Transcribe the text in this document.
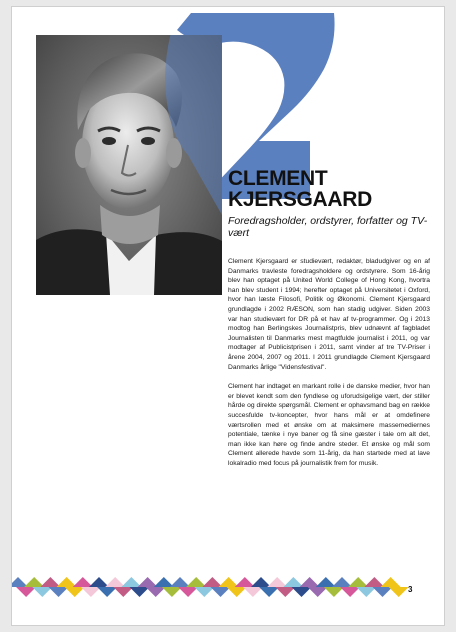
CLEMENT
KJERSGAARD

Foredragsholder, ordstyrer, forfatter og TV-vært

Clement Kjersgaard er studievært, redaktør, bladudgiver og en af Danmarks travleste foredragsholdere og ordstyrere. Som 16-årig blev han optaget på United World College of Hong Kong, hvortra han blev student i 1994; herefter optaget på Universitetet i Oxford, hvor han læste Filosofi, Politik og Økonomi. Clement Kjersgaard grundlagde i 2002 RÆSON, som han stadig udgiver. Siden 2003 var han studievært for DR på et hav af tv-programmer. Og i 2013 modtog han Berlingskes Journalistpris, blev udnævnt af fagbladet Journalisten til Danmarks mest magtfulde journalist i 2011, og var modtager af Publicistprisen i 2011, samt vinder af tre TV-Priser i årene 2004, 2007 og 2011. I 2011 grundlagde Clement Kjersgaard Danmarks årlige "Vidensfestival".

Clement har indtaget en markant rolle i de danske medier, hvor han er blevet kendt som den fyndlese og uforudsigelige vært, der stiller hårde og direkte spørgsmål. Clement er ophavsmand bag en række succesfulde tv-koncepter, hvor hans mål er at omdefinere værtsrollen med et ønske om at maksimere massemediernes potentiale, tænke i nye baner og få sine gæster i tale om alt det, man ikke kan høre og finde andre steder. Et ønske og mål som Clement allerede havde som 11-årig, da han startede med at lave lokalradio med focus på journalistik frem for musik.

3
